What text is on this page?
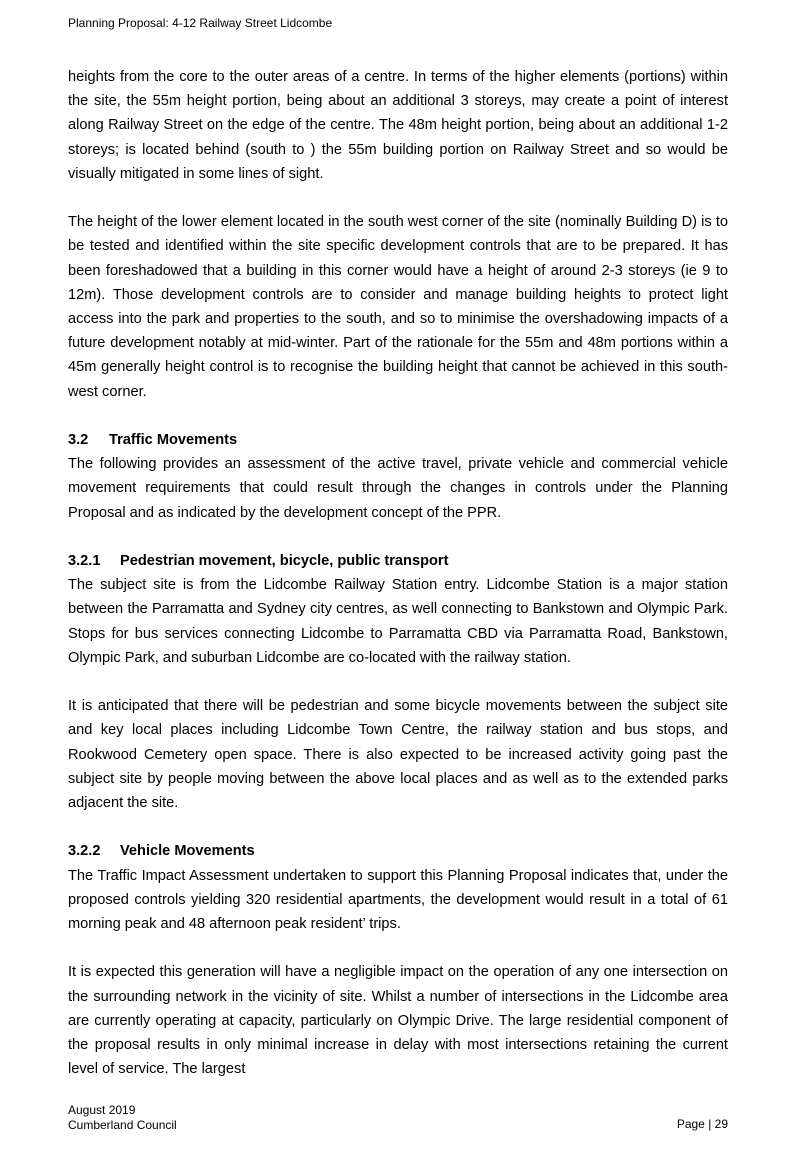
Planning Proposal: 4-12 Railway Street Lidcombe

heights from the core to the outer areas of a centre. In terms of the higher elements (portions) within the site, the 55m height portion, being about an additional 3 storeys, may create a point of interest along Railway Street on the edge of the centre. The 48m height portion, being about an additional 1-2 storeys; is located behind (south to ) the 55m building portion on Railway Street and so would be visually mitigated in some lines of sight.

The height of the lower element located in the south west corner of the site (nominally Building D) is to be tested and identified within the site specific development controls that are to be prepared. It has been foreshadowed that a building in this corner would have a height of around 2-3 storeys (ie 9 to 12m). Those development controls are to consider and manage building heights to protect light access into the park and properties to the south, and so to minimise the overshadowing impacts of a future development notably at mid-winter. Part of the rationale for the 55m and 48m portions within a 45m generally height control is to recognise the building height that cannot be achieved in this south-west corner.

3.2 Traffic Movements

The following provides an assessment of the active travel, private vehicle and commercial vehicle movement requirements that could result through the changes in controls under the Planning Proposal and as indicated by the development concept of the PPR.

3.2.1 Pedestrian movement, bicycle, public transport

The subject site is from the Lidcombe Railway Station entry. Lidcombe Station is a major station between the Parramatta and Sydney city centres, as well connecting to Bankstown and Olympic Park. Stops for bus services connecting Lidcombe to Parramatta CBD via Parramatta Road, Bankstown, Olympic Park, and suburban Lidcombe are co-located with the railway station.

It is anticipated that there will be pedestrian and some bicycle movements between the subject site and key local places including Lidcombe Town Centre, the railway station and bus stops, and Rookwood Cemetery open space. There is also expected to be increased activity going past the subject site by people moving between the above local places and as well as to the extended parks adjacent the site.

3.2.2 Vehicle Movements

The Traffic Impact Assessment undertaken to support this Planning Proposal indicates that, under the proposed controls yielding 320 residential apartments, the development would result in a total of 61 morning peak and 48 afternoon peak resident’ trips.

It is expected this generation will have a negligible impact on the operation of any one intersection on the surrounding network in the vicinity of site. Whilst a number of intersections in the Lidcombe area are currently operating at capacity, particularly on Olympic Drive. The large residential component of the proposal results in only minimal increase in delay with most intersections retaining the current level of service. The largest

August 2019
Cumberland Council	Page | 29
